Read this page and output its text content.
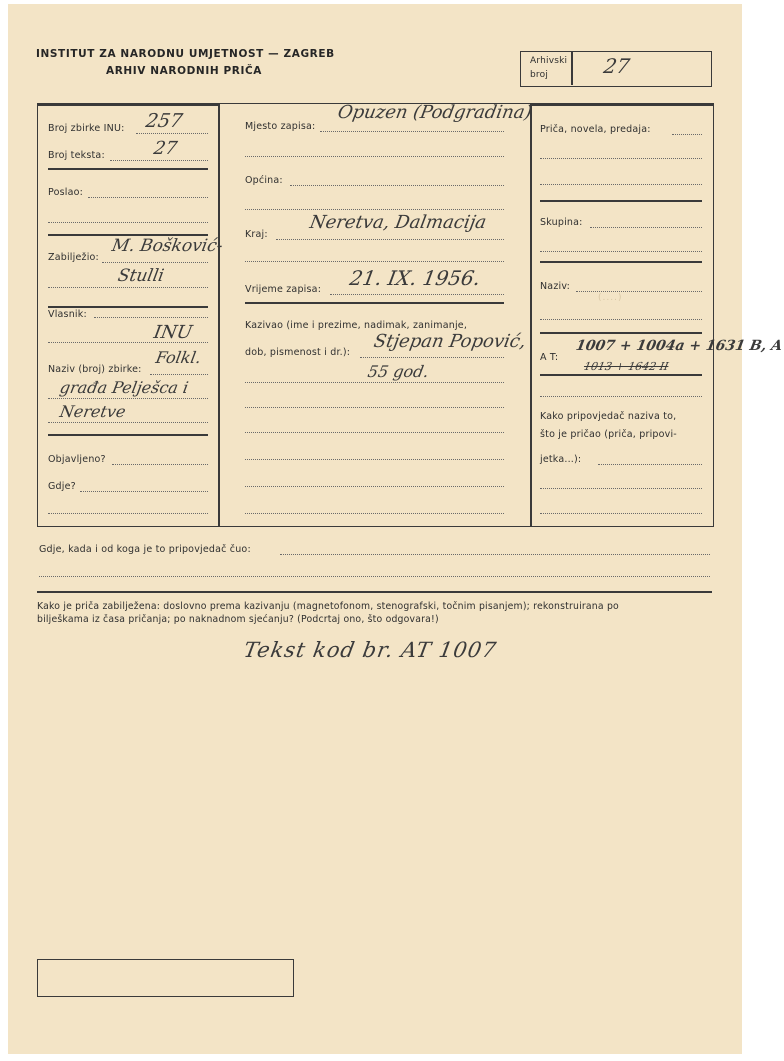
INSTITUT ZA NARODNU UMJETNOST — ZAGREB
ARHIV NARODNIH PRIČA
Arhivski
broj	27
Broj zbirke INU: 257
Broj teksta:	27
Poslao:
Zabilježio:
M. Bošković-
Stulli
Vlasnik:
INU
Naziv (broj) zbirke:
Folkl.
građa Pelješca i
Neretve
Objavljeno?
Gdje?
Mjesto zapisa:
Opuzen (Podgradina)
Općina:
Kraj:
Neretva, Dalmacija
Vrijeme zapisa: 21. IX. 1956.
Kazivao (ime i prezime, nadimak, zanimanje,
dob, pismenost i dr.):
Stjepan Popović,
55 god.
Priča, novela, predaja:
Skupina:
Naziv:
(....)
A T:
1007 + 1004a + 1631 B, A
1013 + 1642 II
Kako pripovjedač naziva to,
što je pričao (priča, pripovi-
jetka...):
Gdje, kada i od koga je to pripovjedač čuo:
Kako je priča zabilježena: doslovno prema kazivanju (magnetofonom, stenografski, točnim pisanjem); rekonstruirana po
bilješkama iz časa pričanja; po naknadnom sjećanju? (Podcrtaj ono, što odgovara!)
Tekst kod br. AT 1007
